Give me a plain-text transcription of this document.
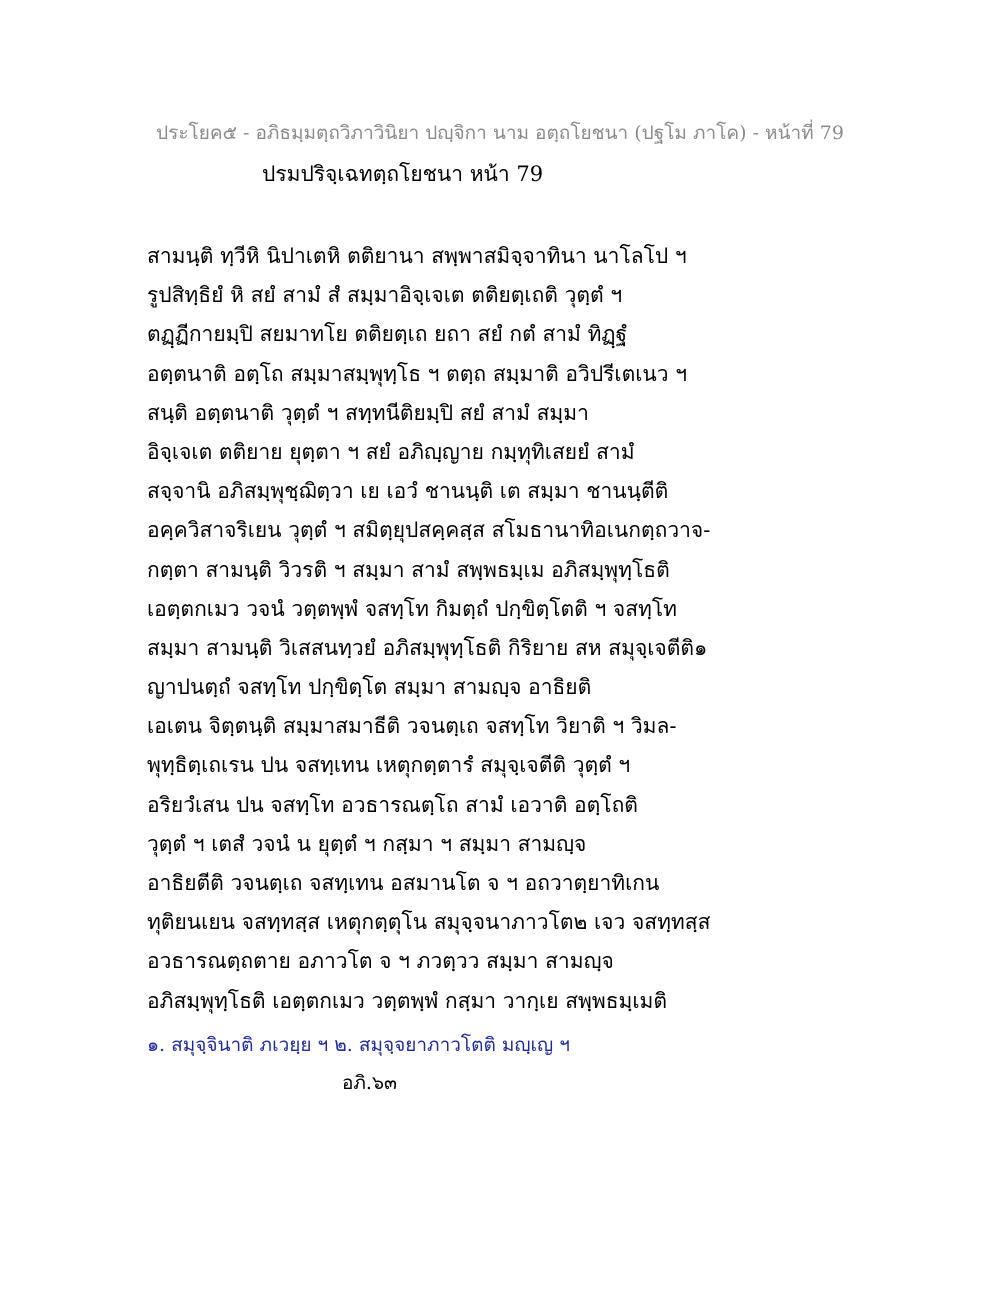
ประโยค๕ - อภิธมฺมตฺถวิภาวินิยา ปญฺจิกา นาม อตฺถโยชนา (ปฐโม ภาโค) - หน้าที่ 79
ปรมปริจฺเฉทตฺถโยชนา หน้า 79
สามนฺติ ทฺวีหิ นิปาเตหิ ตติยานา สพฺพาสมิจฺจาทินา นาโลโป ฯ
รูปสิทฺธิยํ หิ สยํ สามํ สํ สมฺมาอิจฺเจเต ตติยตฺเถติ วุตฺตํ ฯ
ตฏฺฏีกายมฺปิ สยมาทโย ตติยตฺเถ ยถา สยํ กตํ สามํ ทิฏฺฐํ
อตฺตนาติ อตฺโถ สมฺมาสมฺพุทฺโธ ฯ ตตฺถ สมฺมาติ อวิปรีเตเนว ฯ
สนฺติ อตฺตนาติ วุตฺตํ ฯ สทฺทนีติยมฺปิ สยํ สามํ สมฺมา
อิจฺเจเต ตติยาย ยุตฺตา ฯ สยํ อภิญฺญาย กมฺทุทิเสยยํ สามํ
สจฺจานิ อภิสมฺพุชฺฌิตฺวา เย เอวํ ชานนฺติ เต สมฺมา ชานนฺตีติ
อคฺควิสาจริเยน วุตฺตํ ฯ สมิตฺยุปสคฺคสฺส สโมธานาทิอเนกตฺถวาจ-
กตฺตา สามนฺติ วิวรติ ฯ สมฺมา สามํ สพฺพธมฺเม อภิสมฺพุทฺโธติ
เอตฺตกเมว วจนํ วตฺตพฺพํ จสทฺโท กิมตฺถํ ปกฺขิตฺโตติ ฯ จสทฺโท
สมฺมา สามนฺติ วิเสสนทฺวยํ อภิสมฺพุทฺโธติ กิริยาย สห สมุจฺเจตีติ๑
ญาปนตฺถํ จสทฺโท ปกฺขิตฺโต สมฺมา สามญฺจ อาธิยติ
เอเตน จิตฺตนฺติ สมฺมาสมาธีติ วจนตฺเถ จสทฺโท วิยาติ ฯ วิมล-
พุทฺธิตฺเถเรน ปน จสทฺเทน เหตุกตฺตารํ สมุจฺเจตีติ วุตฺตํ ฯ
อริยวํเสน ปน จสทฺโท อวธารณตฺโถ สามํ เอวาติ อตฺโถติ
วุตฺตํ ฯ เตสํ วจนํ น ยุตฺตํ ฯ กสฺมา ฯ สมฺมา สามญฺจ
อาธิยตีติ วจนตฺเถ จสทฺเทน อสมานโต จ ฯ อถวาตฺยาทิเกน
ทุติยนเยน จสทฺทสฺส เหตุกตฺตุโน สมุจฺจนาภาวโต๒ เจว จสทฺทสฺส
อวธารณตฺถตาย อภาวโต จ ฯ ภวตฺวว สมฺมา สามญฺจ
อภิสมฺพุทฺโธติ เอตฺตกเมว วตฺตพฺพํ กสฺมา วากฺเย สพฺพธมฺเมติ
๑. สมุจฺจินาติ ภเวยฺย ฯ ๒. สมุจฺจยาภาวโตติ มญฺเญ ฯ
อภิ.๖๓
